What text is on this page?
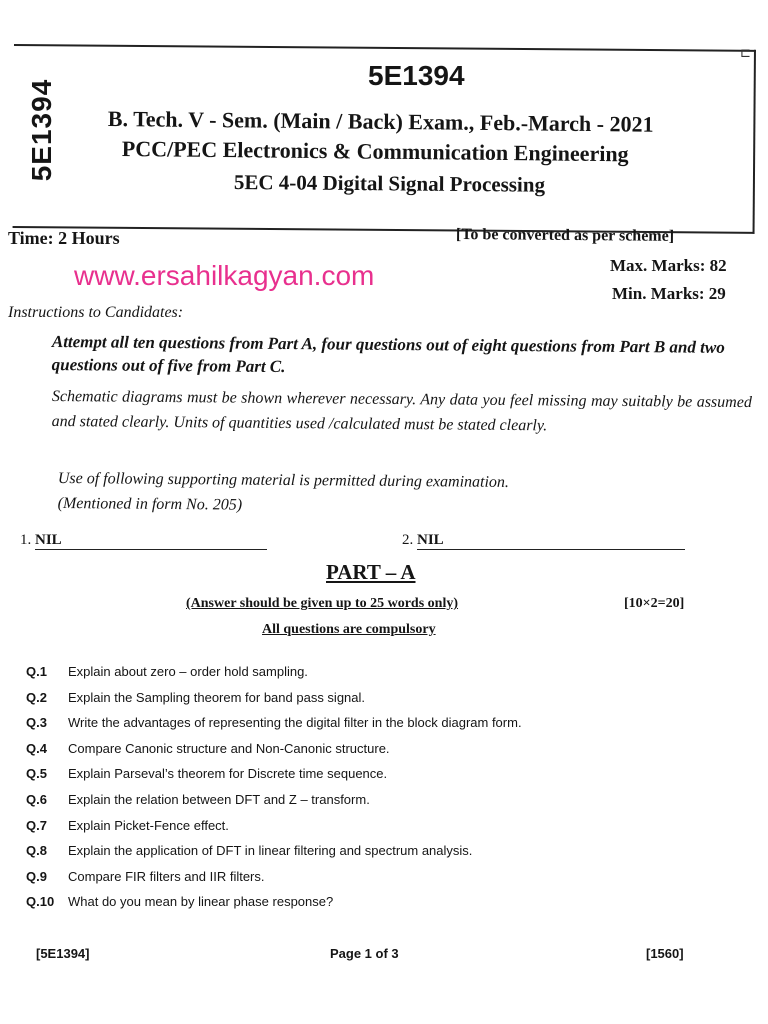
5E1394
⊏
5E1394
B. Tech. V - Sem. (Main / Back) Exam., Feb.-March - 2021
PCC/PEC Electronics & Communication Engineering
5EC 4-04 Digital Signal Processing
Time: 2 Hours	[To be converted as per scheme]
www.ersahilkagyan.com	Max. Marks: 82
Min. Marks: 29
Instructions to Candidates:
Attempt all ten questions from Part A, four questions out of eight questions from Part B and two questions out of five from Part C.
Schematic diagrams must be shown wherever necessary. Any data you feel missing may suitably be assumed and stated clearly. Units of quantities used /calculated must be stated clearly.
Use of following supporting material is permitted during examination.
(Mentioned in form No. 205)
1. NIL	2. NIL
PART – A
(Answer should be given up to 25 words only)	[10×2=20]
All questions are compulsory
Q.1	Explain about zero – order hold sampling.
Q.2	Explain the Sampling theorem for band pass signal.
Q.3	Write the advantages of representing the digital filter in the block diagram form.
Q.4	Compare Canonic structure and Non-Canonic structure.
Q.5	Explain Parseval’s theorem for Discrete time sequence.
Q.6	Explain the relation between DFT and Z – transform.
Q.7	Explain Picket-Fence effect.
Q.8	Explain the application of DFT in linear filtering and spectrum analysis.
Q.9	Compare FIR filters and IIR filters.
Q.10	What do you mean by linear phase response?
[5E1394]	Page 1 of 3	[1560]
